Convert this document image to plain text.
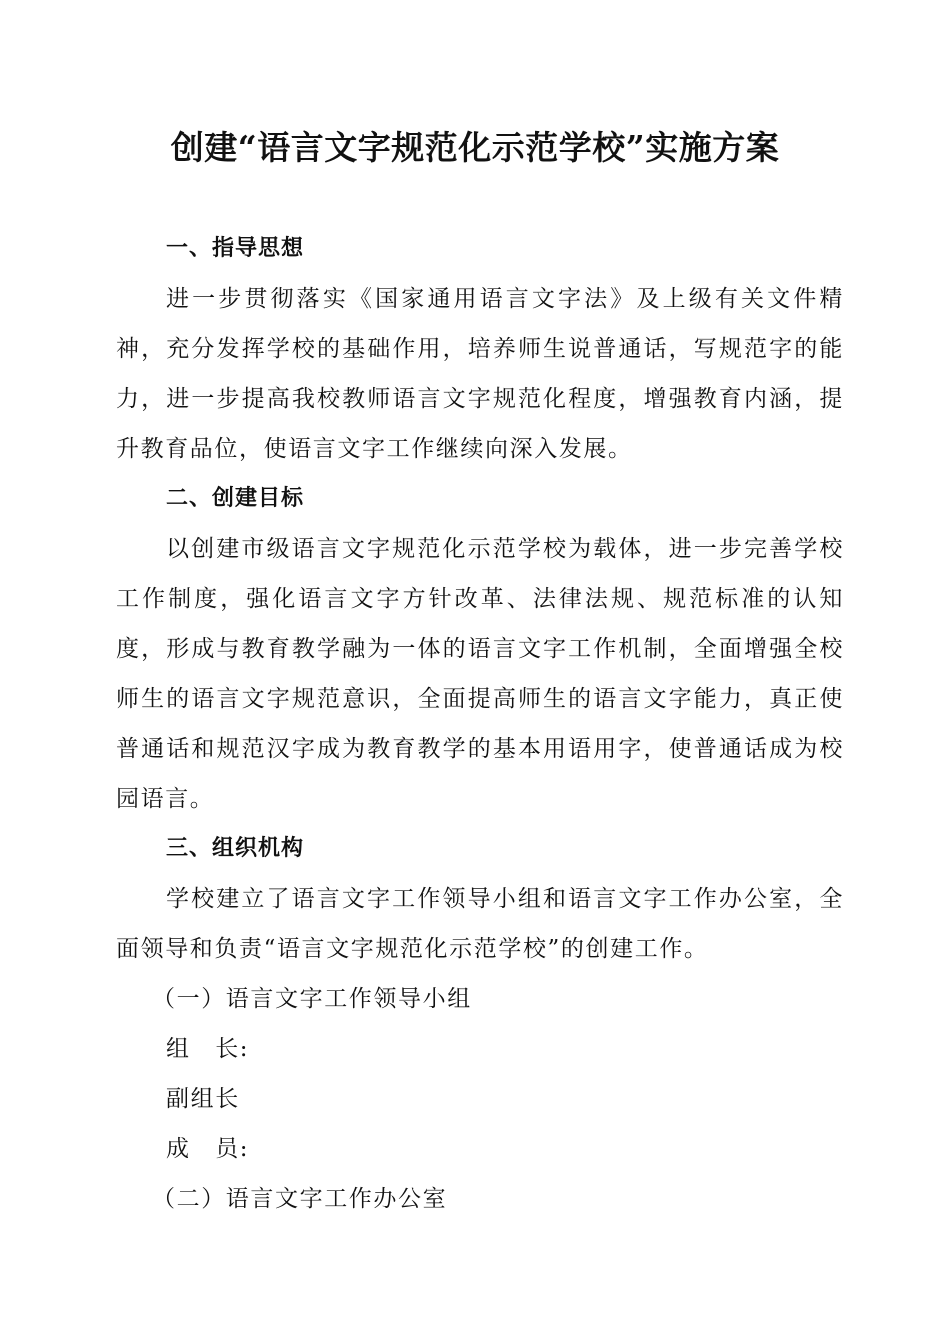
创建“语言文字规范化示范学校”实施方案
一、指导思想

进一步贯彻落实《国家通用语言文字法》及上级有关文件精神，充分发挥学校的基础作用，培养师生说普通话，写规范字的能力，进一步提高我校教师语言文字规范化程度，增强教育内涵，提升教育品位，使语言文字工作继续向深入发展。

二、创建目标

以创建市级语言文字规范化示范学校为载体，进一步完善学校工作制度，强化语言文字方针改革、法律法规、规范标准的认知度，形成与教育教学融为一体的语言文字工作机制，全面增强全校师生的语言文字规范意识，全面提高师生的语言文字能力，真正使普通话和规范汉字成为教育教学的基本用语用字，使普通话成为校园语言。

三、组织机构

学校建立了语言文字工作领导小组和语言文字工作办公室，全面领导和负责“语言文字规范化示范学校”的创建工作。

（一）语言文字工作领导小组
组　长:
副组长
成　员:
（二）语言文字工作办公室
